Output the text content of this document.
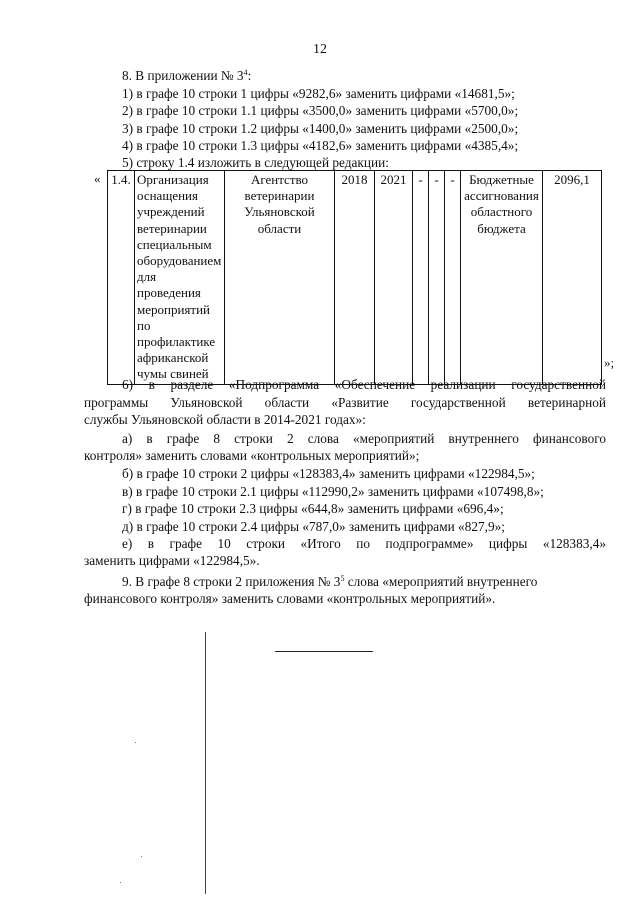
12
8. В приложении № $3^4$:
1) в графе 10 строки 1 цифры «9282,6» заменить цифрами «14681,5»;
2) в графе 10 строки 1.1 цифры «3500,0» заменить цифрами «5700,0»;
3) в графе 10 строки 1.2 цифры «1400,0» заменить цифрами «2500,0»;
4) в графе 10 строки 1.3 цифры «4182,6» заменить цифрами «4385,4»;
5) строку 1.4 изложить в следующей редакции:
« 1.4.	Организация оснащения учреждений ветеринарии специальным оборудованием для проведения мероприятий по профилактике африканской чумы свиней	Агентство ветеринарии Ульяновской области	2018	2021	-	-	-	Бюджетные ассигнования областного бюджета	2096,1
»;
6) в разделе «Подпрограмма «Обеспечение реализации государственной
программы Ульяновской области «Развитие государственной ветеринарной
службы Ульяновской области в 2014-2021 годах»:
а) в графе 8 строки 2 слова «мероприятий внутреннего финансового
контроля» заменить словами «контрольных мероприятий»;
б) в графе 10 строки 2 цифры «128383,4» заменить цифрами «122984,5»;
в) в графе 10 строки 2.1 цифры «112990,2» заменить цифрами «107498,8»;
г) в графе 10 строки 2.3 цифры «644,8» заменить цифрами «696,4»;
д) в графе 10 строки 2.4 цифры «787,0» заменить цифрами «827,9»;
е) в графе 10 строки «Итого по подпрограмме» цифры «128383,4»
заменить цифрами «122984,5».
9. В графе 8 строки 2 приложения № $3^5$ слова «мероприятий внутреннего
финансового контроля» заменить словами «контрольных мероприятий».
